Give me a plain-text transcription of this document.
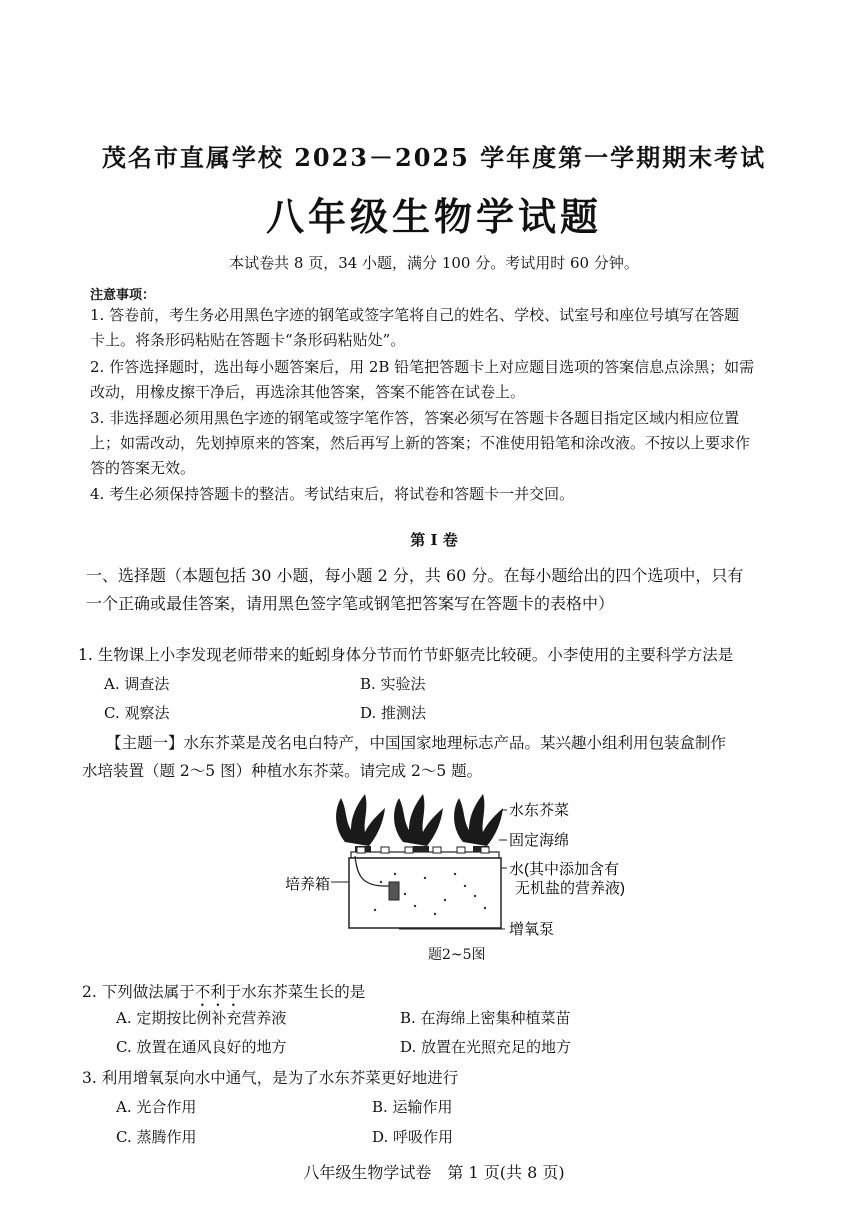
茂名市直属学校 2023－2025 学年度第一学期期末考试
八年级生物学试题
本试卷共 8 页，34 小题，满分 100 分。考试用时 60 分钟。
注意事项：
1. 答卷前，考生务必用黑色字迹的钢笔或签字笔将自己的姓名、学校、试室号和座位号填写在答题
卡上。将条形码粘贴在答题卡“条形码粘贴处”。
2. 作答选择题时，选出每小题答案后，用 2B 铅笔把答题卡上对应题目选项的答案信息点涂黑；如需
改动，用橡皮擦干净后，再选涂其他答案，答案不能答在试卷上。
3. 非选择题必须用黑色字迹的钢笔或签字笔作答，答案必须写在答题卡各题目指定区域内相应位置
上；如需改动，先划掉原来的答案，然后再写上新的答案；不准使用铅笔和涂改液。不按以上要求作
答的答案无效。
4. 考生必须保持答题卡的整洁。考试结束后，将试卷和答题卡一并交回。
第 I 卷
一、选择题（本题包括 30 小题，每小题 2 分，共 60 分。在每小题给出的四个选项中，只有
一个正确或最佳答案，请用黑色签字笔或钢笔把答案写在答题卡的表格中）
1. 生物课上小李发现老师带来的蚯蚓身体分节而竹节虾躯壳比较硬。小李使用的主要科学方法是
A. 调查法	B. 实验法
C. 观察法	D. 推测法
【主题一】水东芥菜是茂名电白特产，中国国家地理标志产品。某兴趣小组利用包装盒制作
水培装置（题 2～5 图）种植水东芥菜。请完成 2～5 题。
水东芥菜
固定海绵
水(其中添加含有
无机盐的营养液)
培养箱
增氧泵
题2~5图
2. 下列做法属于不利于水东芥菜生长的是
A. 定期按比例补充营养液	B. 在海绵上密集种植菜苗
C. 放置在通风良好的地方	D. 放置在光照充足的地方
3. 利用增氧泵向水中通气，是为了水东芥菜更好地进行
A. 光合作用	B. 运输作用
C. 蒸腾作用	D. 呼吸作用
八年级生物学试卷　第 1 页(共 8 页)
